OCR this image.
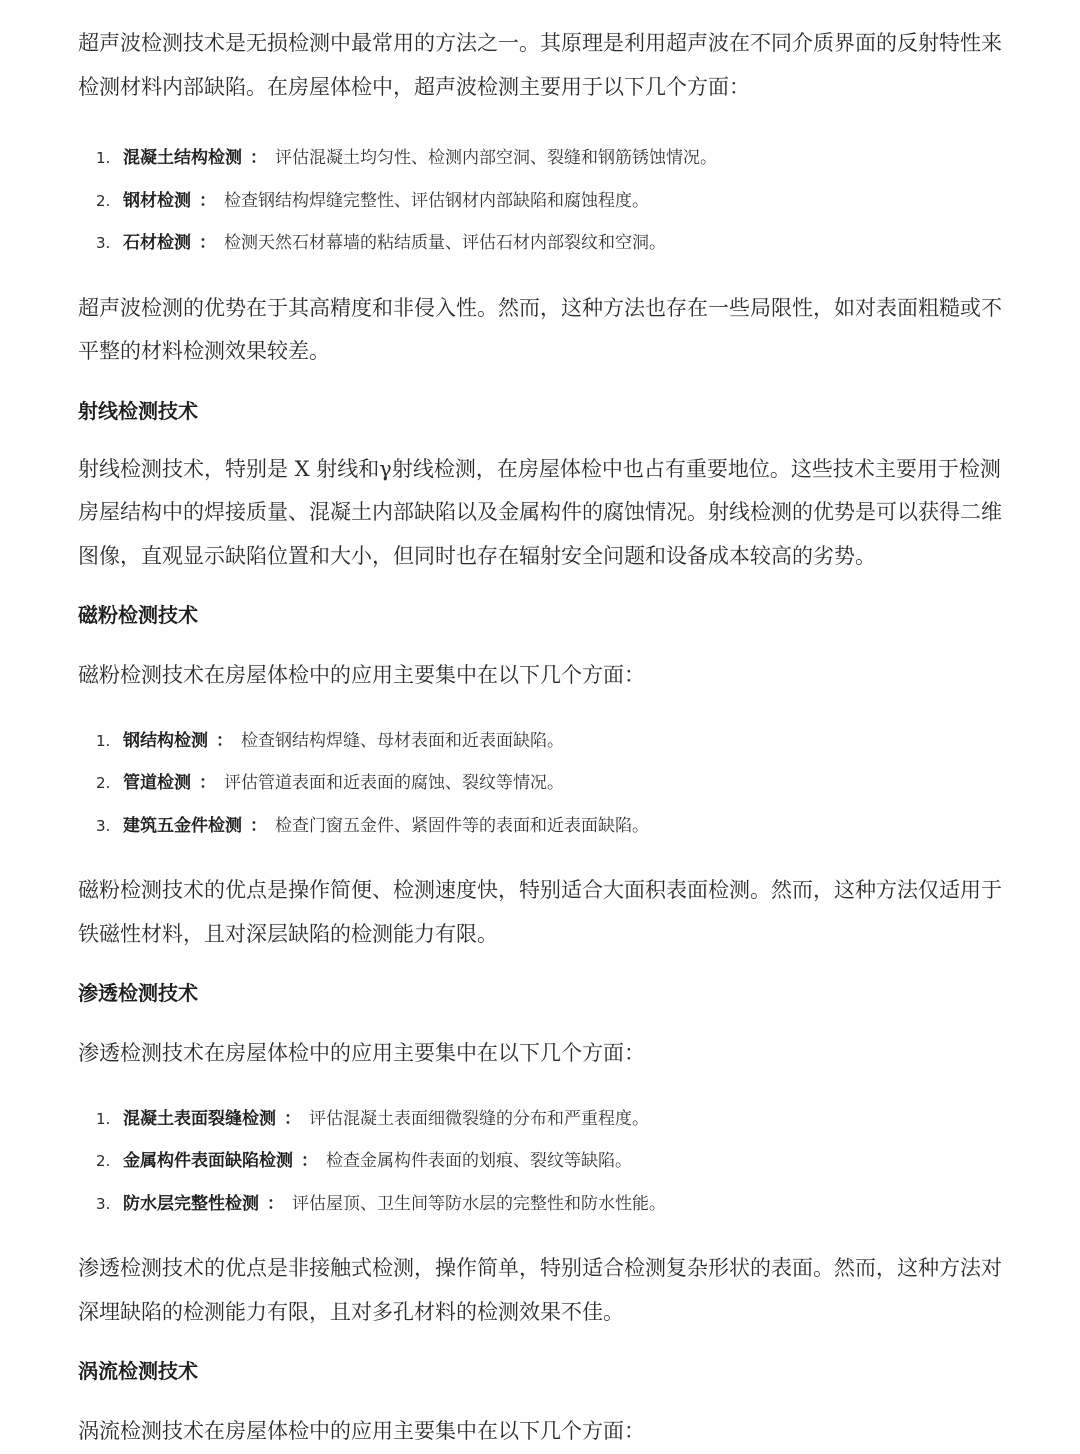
超声波检测技术是无损检测中最常用的方法之一。其原理是利用超声波在不同介质界面的反射特性来检测材料内部缺陷。在房屋体检中，超声波检测主要用于以下几个方面：

1. 混凝土结构检测 ： 评估混凝土均匀性、检测内部空洞、裂缝和钢筋锈蚀情况。
2. 钢材检测 ： 检查钢结构焊缝完整性、评估钢材内部缺陷和腐蚀程度。
3. 石材检测 ： 检测天然石材幕墙的粘结质量、评估石材内部裂纹和空洞。

超声波检测的优势在于其高精度和非侵入性。然而，这种方法也存在一些局限性，如对表面粗糙或不平整的材料检测效果较差。

射线检测技术

射线检测技术，特别是 X 射线和γ射线检测，在房屋体检中也占有重要地位。这些技术主要用于检测房屋结构中的焊接质量、混凝土内部缺陷以及金属构件的腐蚀情况。射线检测的优势是可以获得二维图像，直观显示缺陷位置和大小，但同时也存在辐射安全问题和设备成本较高的劣势。

磁粉检测技术

磁粉检测技术在房屋体检中的应用主要集中在以下几个方面：

1. 钢结构检测 ： 检查钢结构焊缝、母材表面和近表面缺陷。
2. 管道检测 ： 评估管道表面和近表面的腐蚀、裂纹等情况。
3. 建筑五金件检测 ： 检查门窗五金件、紧固件等的表面和近表面缺陷。

磁粉检测技术的优点是操作简便、检测速度快，特别适合大面积表面检测。然而，这种方法仅适用于铁磁性材料，且对深层缺陷的检测能力有限。

渗透检测技术

渗透检测技术在房屋体检中的应用主要集中在以下几个方面：

1. 混凝土表面裂缝检测 ： 评估混凝土表面细微裂缝的分布和严重程度。
2. 金属构件表面缺陷检测 ： 检查金属构件表面的划痕、裂纹等缺陷。
3. 防水层完整性检测 ： 评估屋顶、卫生间等防水层的完整性和防水性能。

渗透检测技术的优点是非接触式检测，操作简单，特别适合检测复杂形状的表面。然而，这种方法对深埋缺陷的检测能力有限，且对多孔材料的检测效果不佳。

涡流检测技术

涡流检测技术在房屋体检中的应用主要集中在以下几个方面：
